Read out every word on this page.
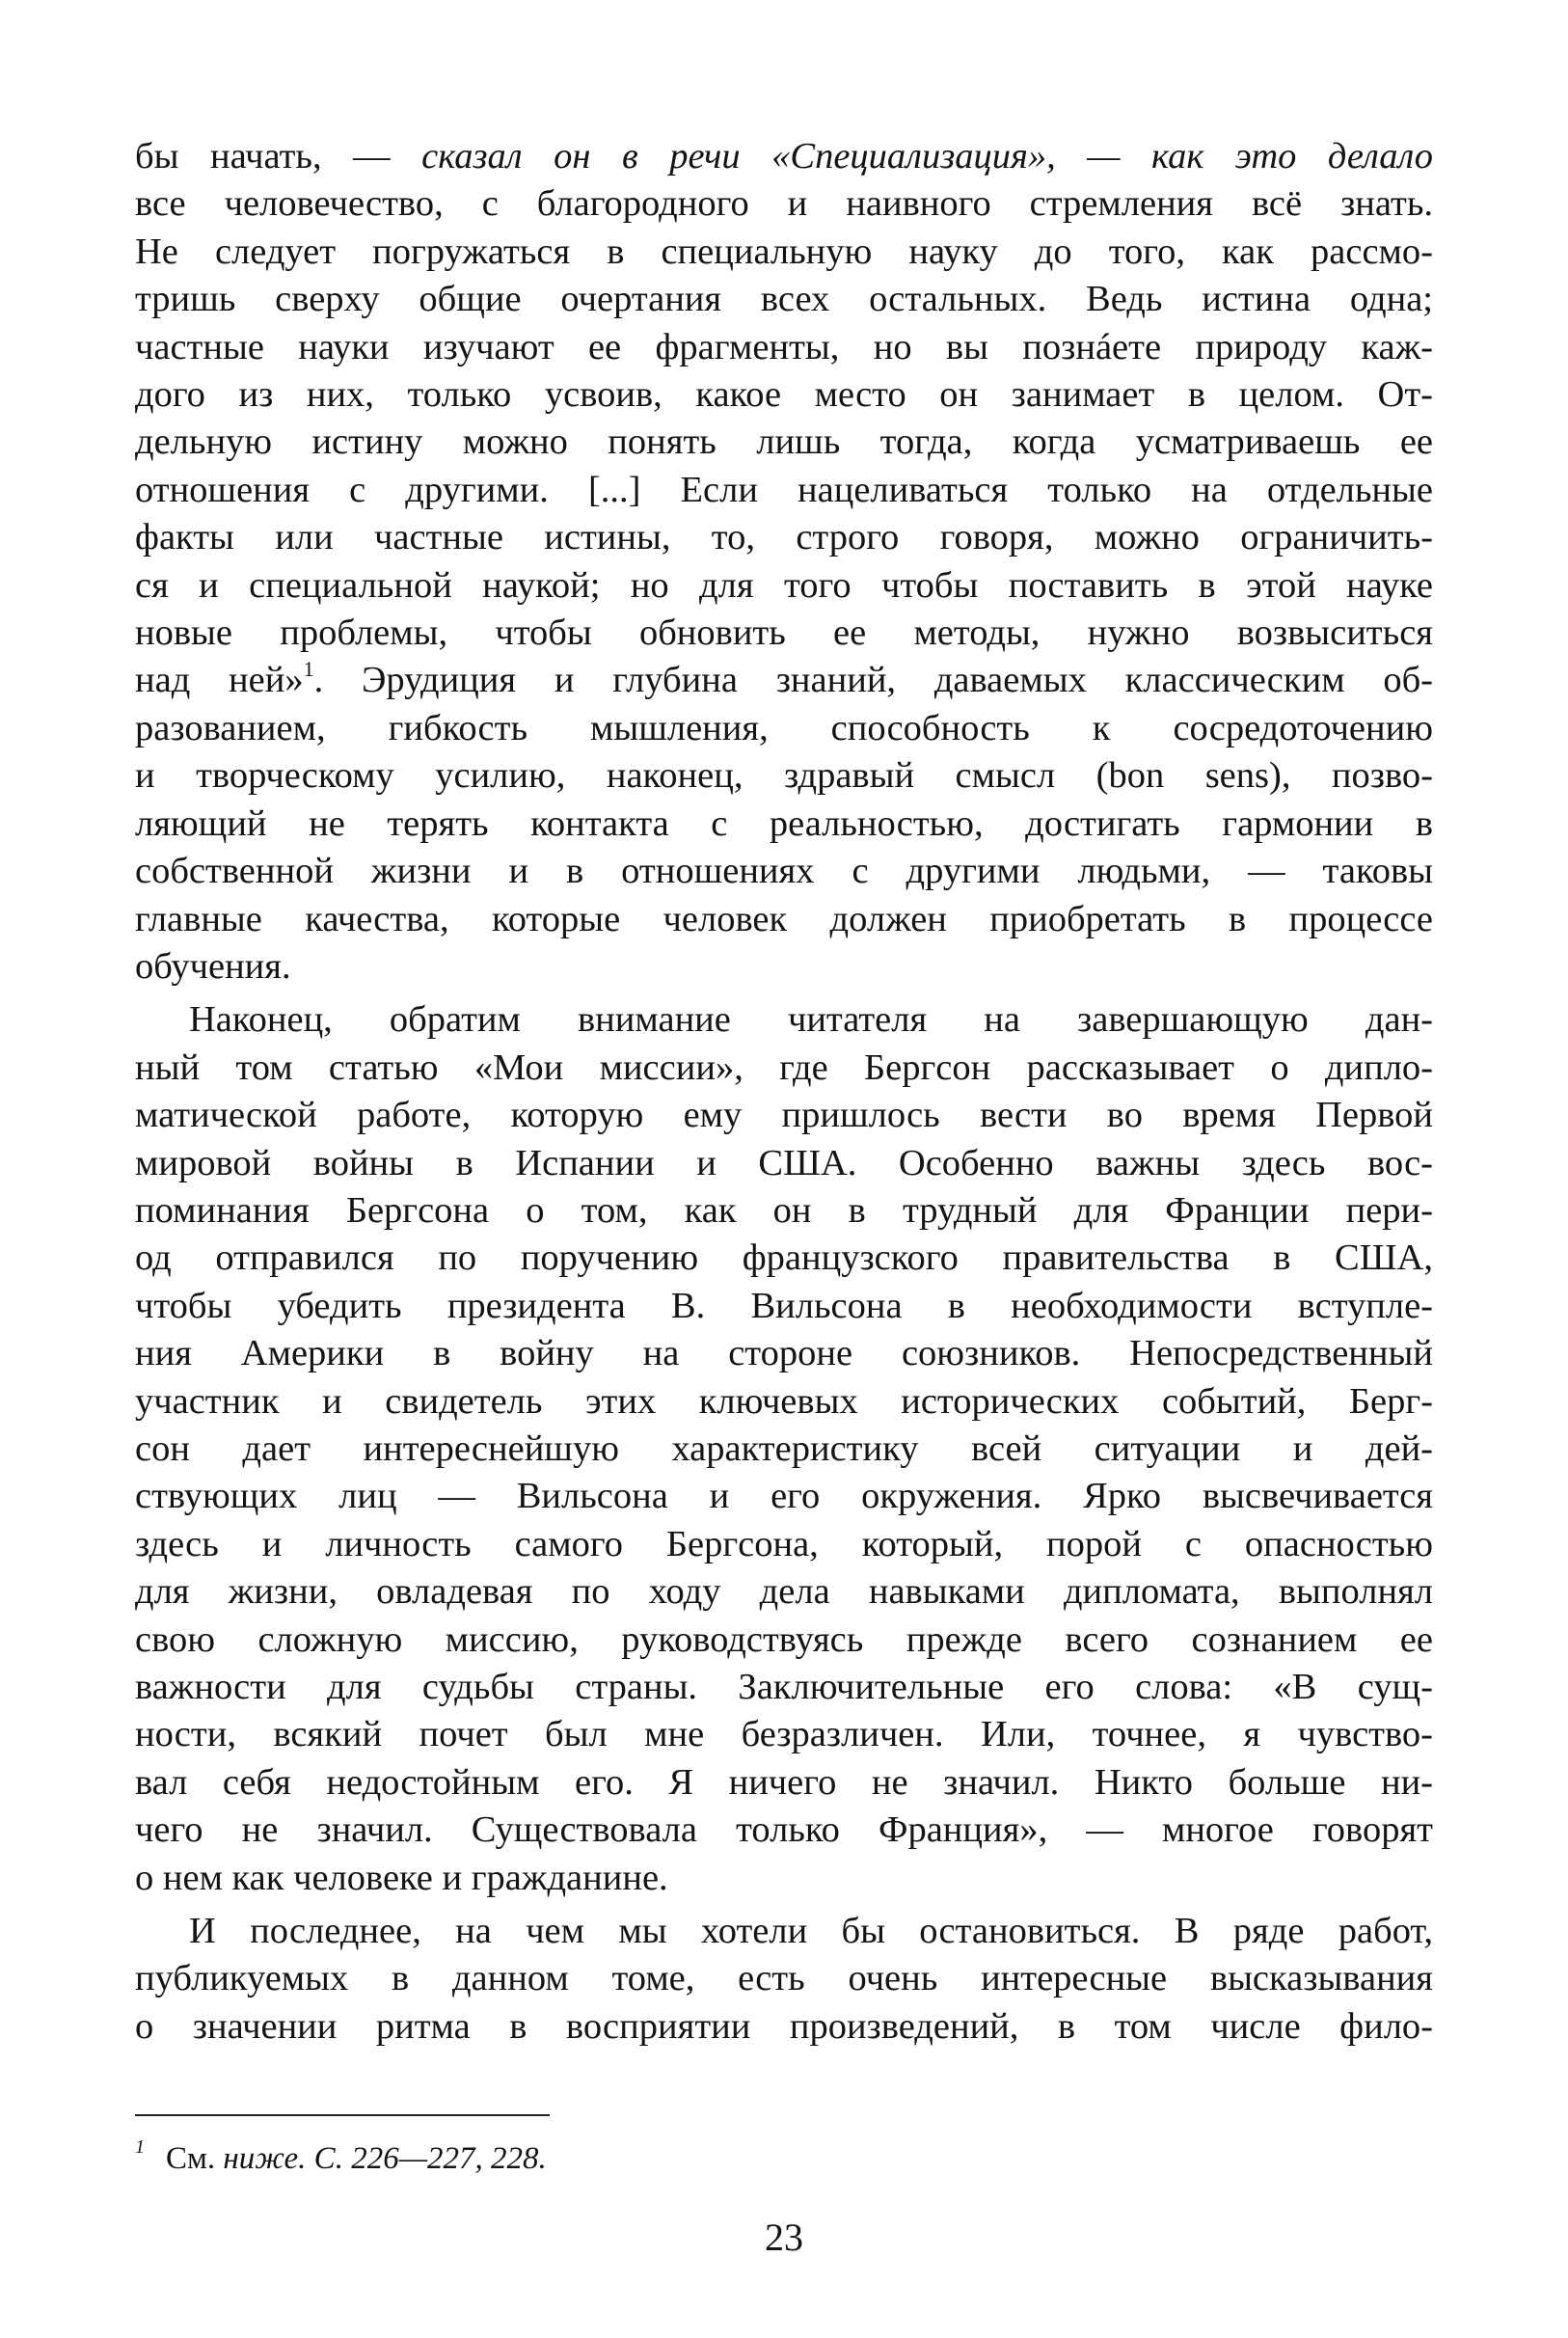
бы начать, — сказал он в речи «Специализация», — как это делало
все человечество, с благородного и наивного стремления всё знать.
Не следует погружаться в специальную науку до того, как рассмо-
тришь сверху общие очертания всех остальных. Ведь истина одна;
частные науки изучают ее фрагменты, но вы познáете природу каж-
дого из них, только усвоив, какое место он занимает в целом. От-
дельную истину можно понять лишь тогда, когда усматриваешь ее
отношения с другими. [...] Если нацеливаться только на отдельные
факты или частные истины, то, строго говоря, можно ограничить-
ся и специальной наукой; но для того чтобы поставить в этой науке
новые проблемы, чтобы обновить ее методы, нужно возвыситься
над ней»$^1$. Эрудиция и глубина знаний, даваемых классическим об-
разованием, гибкость мышления, способность к сосредоточению
и творческому усилию, наконец, здравый смысл (bon sens), позво-
ляющий не терять контакта с реальностью, достигать гармонии в
собственной жизни и в отношениях с другими людьми, — таковы
главные качества, которые человек должен приобретать в процессе
обучения.
Наконец, обратим внимание читателя на завершающую дан-
ный том статью «Мои миссии», где Бергсон рассказывает о дипло-
матической работе, которую ему пришлось вести во время Первой
мировой войны в Испании и США. Особенно важны здесь вос-
поминания Бергсона о том, как он в трудный для Франции пери-
од отправился по поручению французского правительства в США,
чтобы убедить президента В. Вильсона в необходимости вступле-
ния Америки в войну на стороне союзников. Непосредственный
участник и свидетель этих ключевых исторических событий, Берг-
сон дает интереснейшую характеристику всей ситуации и дей-
ствующих лиц — Вильсона и его окружения. Ярко высвечивается
здесь и личность самого Бергсона, который, порой с опасностью
для жизни, овладевая по ходу дела навыками дипломата, выполнял
свою сложную миссию, руководствуясь прежде всего сознанием ее
важности для судьбы страны. Заключительные его слова: «В сущ-
ности, всякий почет был мне безразличен. Или, точнее, я чувство-
вал себя недостойным его. Я ничего не значил. Никто больше ни-
чего не значил. Существовала только Франция», — многое говорят
о нем как человеке и гражданине.
И последнее, на чем мы хотели бы остановиться. В ряде работ,
публикуемых в данном томе, есть очень интересные высказывания
о значении ритма в восприятии произведений, в том числе фило-
$^1$ См. ниже. С. 226—227, 228.
23
